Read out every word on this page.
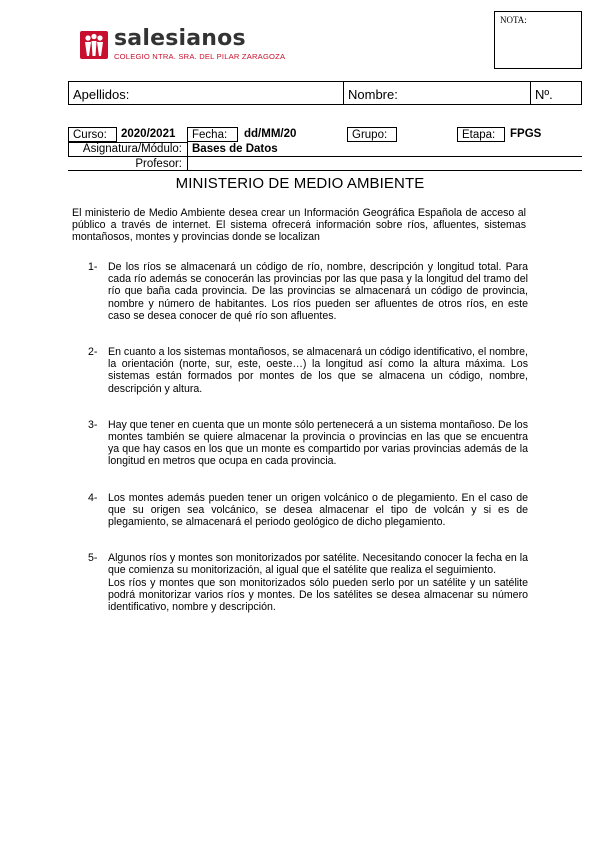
salesianos
COLEGIO NTRA. SRA. DEL PILAR ZARAGOZA
NOTA:
Apellidos:	Nombre:	Nº.
Curso:	2020/2021	Fecha:	dd/MM/20	Grupo:	Etapa:	FPGS
Asignatura/Módulo: Bases de Datos
Profesor:
MINISTERIO DE MEDIO AMBIENTE
El ministerio de Medio Ambiente desea crear un Información Geográfica Española de acceso al público a través de internet. El sistema ofrecerá información sobre ríos, afluentes, sistemas montañosos, montes y provincias donde se localizan
1- De los ríos se almacenará un código de río, nombre, descripción y longitud total. Para cada río además se conocerán las provincias por las que pasa y la longitud del tramo del río que baña cada provincia. De las provincias se almacenará un código de provincia, nombre y número de habitantes. Los ríos pueden ser afluentes de otros ríos, en este caso se desea conocer de qué río son afluentes.

2- En cuanto a los sistemas montañosos, se almacenará un código identificativo, el nombre, la orientación (norte, sur, este, oeste…) la longitud así como la altura máxima. Los sistemas están formados por montes de los que se almacena un código, nombre, descripción y altura.

3- Hay que tener en cuenta que un monte sólo pertenecerá a un sistema montañoso. De los montes también se quiere almacenar la provincia o provincias en las que se encuentra ya que hay casos en los que un monte es compartido por varias provincias además de la longitud en metros que ocupa en cada provincia.

4- Los montes además pueden tener un origen volcánico o de plegamiento. En el caso de que su origen sea volcánico, se desea almacenar el tipo de volcán y si es de plegamiento, se almacenará el periodo geológico de dicho plegamiento.

5- Algunos ríos y montes son monitorizados por satélite. Necesitando conocer la fecha en la que comienza su monitorización, al igual que el satélite que realiza el seguimiento.

Los ríos y montes que son monitorizados sólo pueden serlo por un satélite y un satélite podrá monitorizar varios ríos y montes. De los satélites se desea almacenar su número identificativo, nombre y descripción.
